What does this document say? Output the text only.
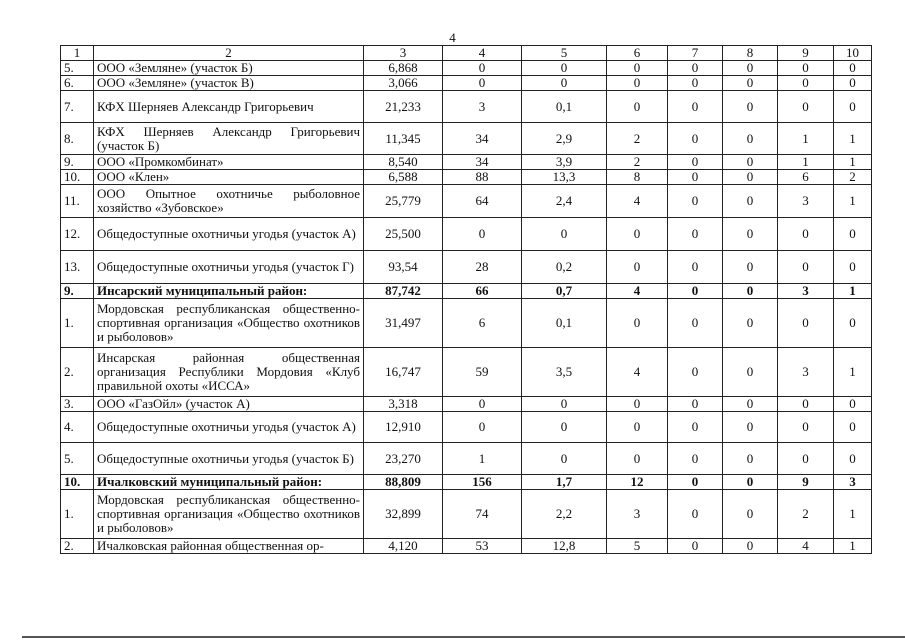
4
1	2	3	4	5	6	7	8	9	10
5.	ООО «Земляне» (участок Б)	6,868	0	0	0	0	0	0	0
6.	ООО «Земляне» (участок В)	3,066	0	0	0	0	0	0	0
7.	КФХ Шерняев Александр Григорьевич	21,233	3	0,1	0	0	0	0	0
8.	КФХ Шерняев Александр Григорьевич (участок Б)	11,345	34	2,9	2	0	0	1	1
9.	ООО «Промкомбинат»	8,540	34	3,9	2	0	0	1	1
10.	ООО «Клен»	6,588	88	13,3	8	0	0	6	2
11.	ООО Опытное охотничье рыболовное хозяйство «Зубовское»	25,779	64	2,4	4	0	0	3	1
12.	Общедоступные охотничьи угодья (участок А)	25,500	0	0	0	0	0	0	0
13.	Общедоступные охотничьи угодья (участок Г)	93,54	28	0,2	0	0	0	0	0
9.	Инсарский муниципальный район:	87,742	66	0,7	4	0	0	3	1
1.	Мордовская республиканская общественно-спортивная организация «Общество охотников и рыболовов»	31,497	6	0,1	0	0	0	0	0
2.	Инсарская районная общественная организация Республики Мордовия «Клуб правильной охоты «ИССА»	16,747	59	3,5	4	0	0	3	1
3.	ООО «ГазОйл» (участок А)	3,318	0	0	0	0	0	0	0
4.	Общедоступные охотничьи угодья (участок А)	12,910	0	0	0	0	0	0	0
5.	Общедоступные охотничьи угодья (участок Б)	23,270	1	0	0	0	0	0	0
10.	Ичалковский муниципальный район:	88,809	156	1,7	12	0	0	9	3
1.	Мордовская республиканская общественно-спортивная организация «Общество охотников и рыболовов»	32,899	74	2,2	3	0	0	2	1
2.	Ичалковская районная общественная ор-	4,120	53	12,8	5	0	0	4	1
